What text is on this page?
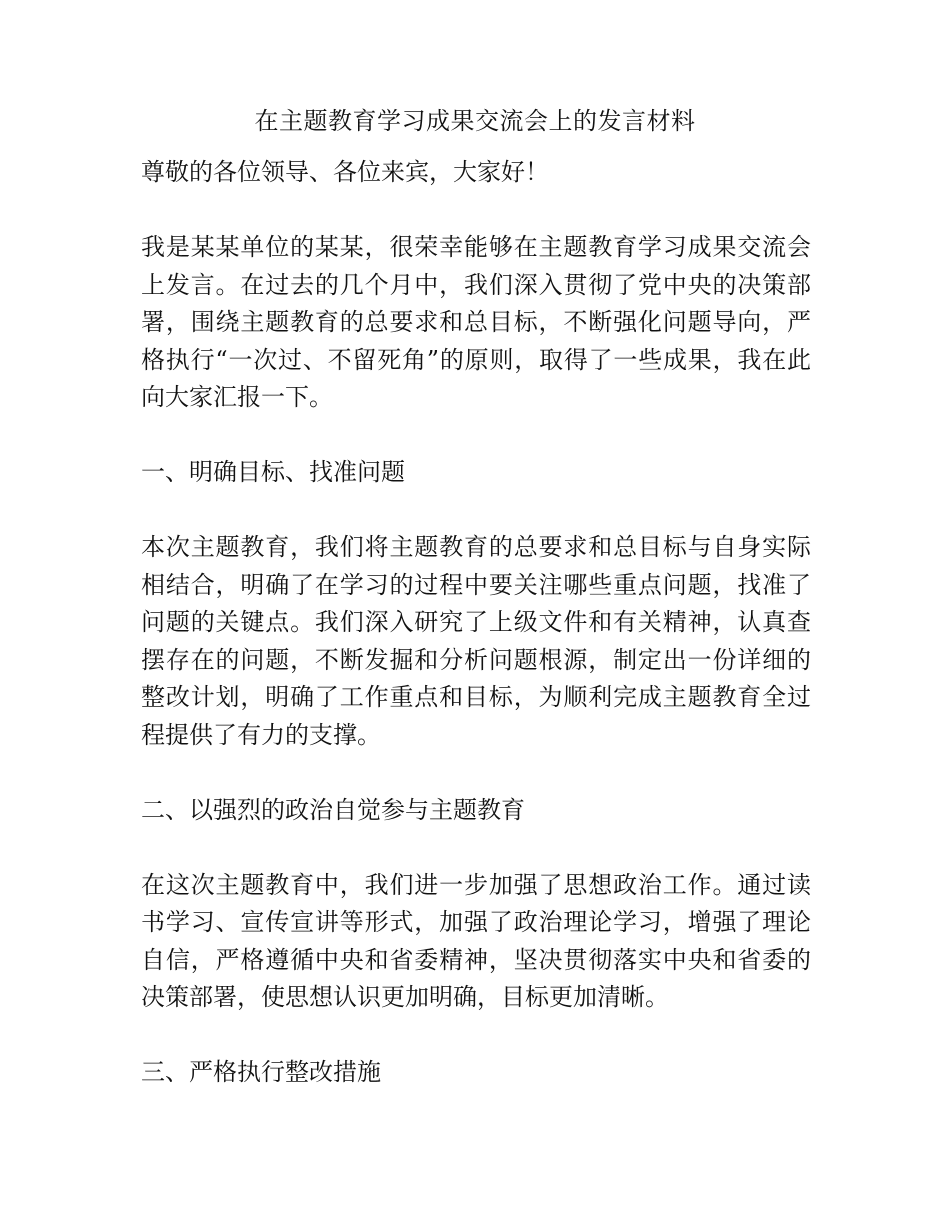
在主题教育学习成果交流会上的发言材料

尊敬的各位领导、各位来宾，大家好！

我是某某单位的某某，很荣幸能够在主题教育学习成果交流会上发言。在过去的几个月中，我们深入贯彻了党中央的决策部署，围绕主题教育的总要求和总目标，不断强化问题导向，严格执行“一次过、不留死角”的原则，取得了一些成果，我在此向大家汇报一下。

一、明确目标、找准问题

本次主题教育，我们将主题教育的总要求和总目标与自身实际相结合，明确了在学习的过程中要关注哪些重点问题，找准了问题的关键点。我们深入研究了上级文件和有关精神，认真查摆存在的问题，不断发掘和分析问题根源，制定出一份详细的整改计划，明确了工作重点和目标，为顺利完成主题教育全过程提供了有力的支撑。

二、以强烈的政治自觉参与主题教育

在这次主题教育中，我们进一步加强了思想政治工作。通过读书学习、宣传宣讲等形式，加强了政治理论学习，增强了理论自信，严格遵循中央和省委精神，坚决贯彻落实中央和省委的决策部署，使思想认识更加明确，目标更加清晰。

三、严格执行整改措施
